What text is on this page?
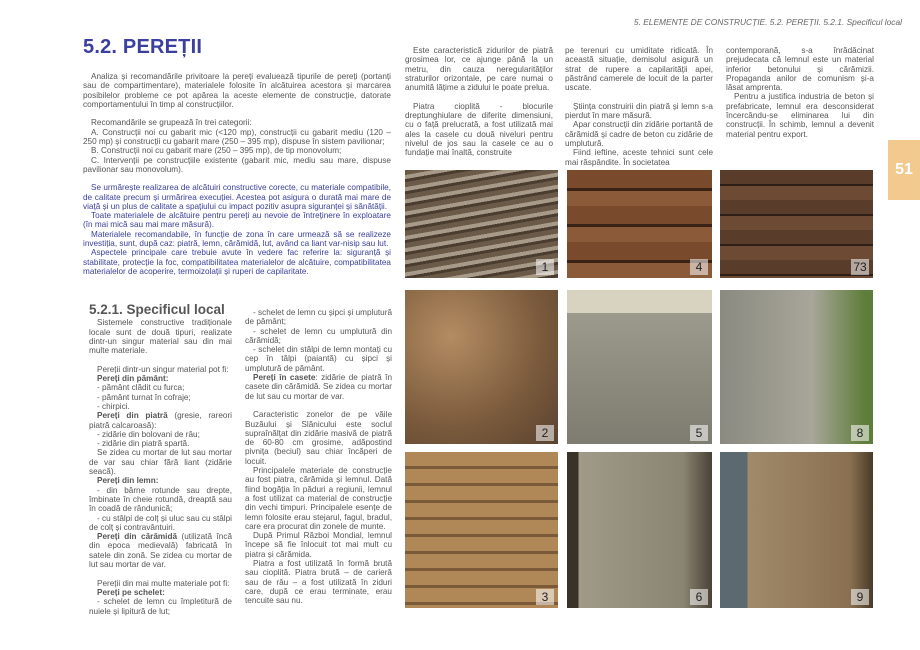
5. ELEMENTE DE CONSTRUCȚIE. 5.2. PEREȚII. 5.2.1. Specificul local
51
5.2. PEREȚII

Analiza și recomandările privitoare la pereți evaluează tipurile de pereți (portanți sau de compartimentare), materialele folosite în alcătuirea acestora și marcarea posibilelor probleme ce pot apărea la aceste elemente de construcție, datorate comportamentului în timp al construcțiilor.

Recomandările se grupează în trei categorii:

A. Construcții noi cu gabarit mic (<120 mp), construcții cu gabarit mediu (120 – 250 mp) și construcții cu gabarit mare (250 – 395 mp), dispuse în sistem pavilionar;

B. Construcții noi cu gabarit mare (250 – 395 mp), de tip monovolum;

C. Intervenții pe construcțiile existente (gabarit mic, mediu sau mare, dispuse pavilionar sau monovolum).

Se urmărește realizarea de alcătuiri constructive corecte, cu materiale compatibile, de calitate precum și urmărirea execuției. Acestea pot asigura o durată mai mare de viață și un plus de calitate a spațiului cu impact pozitiv asupra siguranței și sănătății.

Toate materialele de alcătuire pentru pereți au nevoie de întreținere în exploatare (în mai mică sau mai mare măsură).

Materialele recomandabile, în funcție de zona în care urmează să se realizeze investiția, sunt, după caz: piatră, lemn, cărămidă, lut, având ca liant var-nisip sau lut.

Aspectele principale care trebuie avute în vedere fac referire la: siguranță și stabilitate, protecție la foc, compatibilitatea materialelor de alcătuire, compatibilitatea materialelor de acoperire, termoizolații și ruperi de capilaritate.

Este caracteristică zidurilor de piatră grosimea lor, ce ajunge până la un metru, din cauza neregularităților straturilor orizontale, pe care numai o anumită lățime a zidului le poate prelua.

Piatra cioplită - blocurile dreptunghiulare de diferite dimensiuni, cu o față prelucrată, a fost utilizată mai ales la casele cu două niveluri pentru nivelul de jos sau la casele ce au o fundație mai înaltă, construite

pe terenuri cu umiditate ridicată. În această situație, demisolul asigură un strat de rupere a capilarității apei, păstrând camerele de locuit de la parter uscate.

Știința construirii din piatră și lemn s-a pierdut în mare măsură.

Apar construcții din zidărie portantă de cărămidă și cadre de beton cu zidărie de umplutură.

Fiind ieftine, aceste tehnici sunt cele mai răspândite. În societatea

contemporană, s-a înrădăcinat prejudecata că lemnul este un material inferior betonului și cărămizii. Propaganda anilor de comunism și-a lăsat amprenta.

Pentru a justifica industria de beton și prefabricate, lemnul era desconsiderat încercându-se eliminarea lui din construcții. În schimb, lemnul a devenit material pentru export.

5.2.1. Specificul local

Sistemele constructive tradiționale locale sunt de două tipuri, realizate dintr-un singur material sau din mai multe materiale.

Pereții dintr-un singur material pot fi:

Pereți din pământ:

- pământ clădit cu furca;

- pământ turnat în cofraje;

- chirpici.

Pereți din piatră (gresie, rareori piatră calcaroasă):

- zidărie din bolovani de râu;

- zidărie din piatră spartă.

Se zidea cu mortar de lut sau mortar de var sau chiar fără liant (zidărie seacă).

Pereți din lemn:

- din bârne rotunde sau drepte, îmbinate în cheie rotundă, dreaptă sau în coadă de rândunică;

- cu stâlpi de colț și uluc sau cu stâlpi de colț și contravântuiri.

Pereți din cărămidă (utilizată încă din epoca medievală) fabricată în satele din zonă. Se zidea cu mortar de lut sau mortar de var.

Pereții din mai multe materiale pot fi:

Pereți pe schelet:

- schelet de lemn cu împletitură de nuiele și lipitură de lut;

- schelet de lemn cu șipci și umplutură de pământ;

- schelet de lemn cu umplutură din cărămidă;

- schelet din stâlpi de lemn montați cu cep în tălpi (paiantă) cu șipci și umplutură de pământ.

Pereți în casete: zidărie de piatră în casete din cărămidă. Se zidea cu mortar de lut sau cu mortar de var.

Caracteristic zonelor de pe văile Buzăului și Slănicului este soclul supraînălțat din zidărie masivă de piatră de 60-80 cm grosime, adăpostind pivnița (beciul) sau chiar încăperi de locuit.

Principalele materiale de construcție au fost piatra, cărămida și lemnul. Dată fiind bogăția în păduri a regiunii, lemnul a fost utilizat ca material de construcție din vechi timpuri. Principalele esențe de lemn folosite erau stejarul, fagul, bradul, care era procurat din zonele de munte.

După Primul Război Mondial, lemnul începe să fie înlocuit tot mai mult cu piatra și cărămida.

Piatra a fost utilizată în formă brută sau cioplită. Piatra brută – de carieră sau de râu – a fost utilizată în ziduri care, după ce erau terminate, erau tencuite sau nu.

1	4	73
2	5	8
3	6	9
